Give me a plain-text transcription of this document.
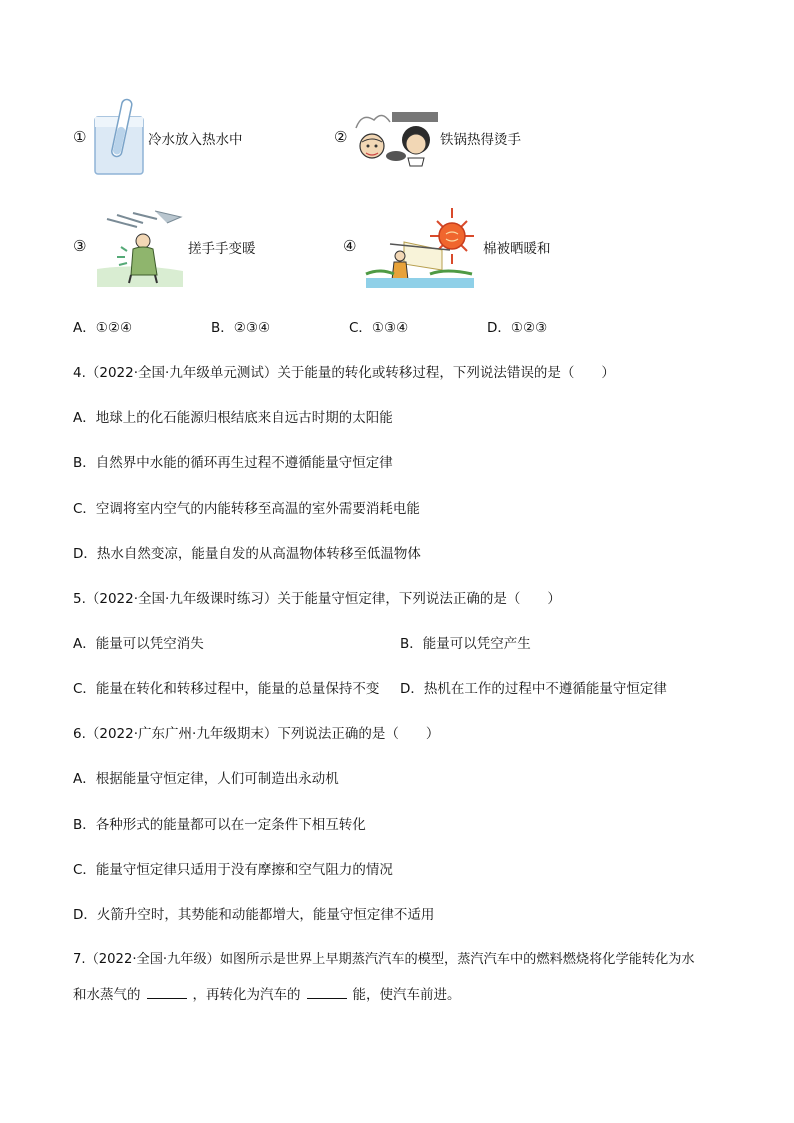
①	冷水放入热水中	②	铁锅热得烫手
③	搓手手变暖	④	棉被晒暖和
A．①②④	B．②③④	C．①③④	D．①②③
4.（2022·全国·九年级单元测试）关于能量的转化或转移过程，下列说法错误的是（　　）
A．地球上的化石能源归根结底来自远古时期的太阳能
B．自然界中水能的循环再生过程不遵循能量守恒定律
C．空调将室内空气的内能转移至高温的室外需要消耗电能
D．热水自然变凉，能量自发的从高温物体转移至低温物体
5.（2022·全国·九年级课时练习）关于能量守恒定律，下列说法正确的是（　　）
A．能量可以凭空消失	B．能量可以凭空产生
C．能量在转化和转移过程中，能量的总量保持不变 D．热机在工作的过程中不遵循能量守恒定律
6.（2022·广东广州·九年级期末）下列说法正确的是（　　）
A．根据能量守恒定律，人们可制造出永动机
B．各种形式的能量都可以在一定条件下相互转化
C．能量守恒定律只适用于没有摩擦和空气阻力的情况
D．火箭升空时，其势能和动能都增大，能量守恒定律不适用
7.（2022·全国·九年级）如图所示是世界上早期蒸汽汽车的模型，蒸汽汽车中的燃料燃烧将化学能转化为水
和水蒸气的	，再转化为汽车的	能，使汽车前进。
